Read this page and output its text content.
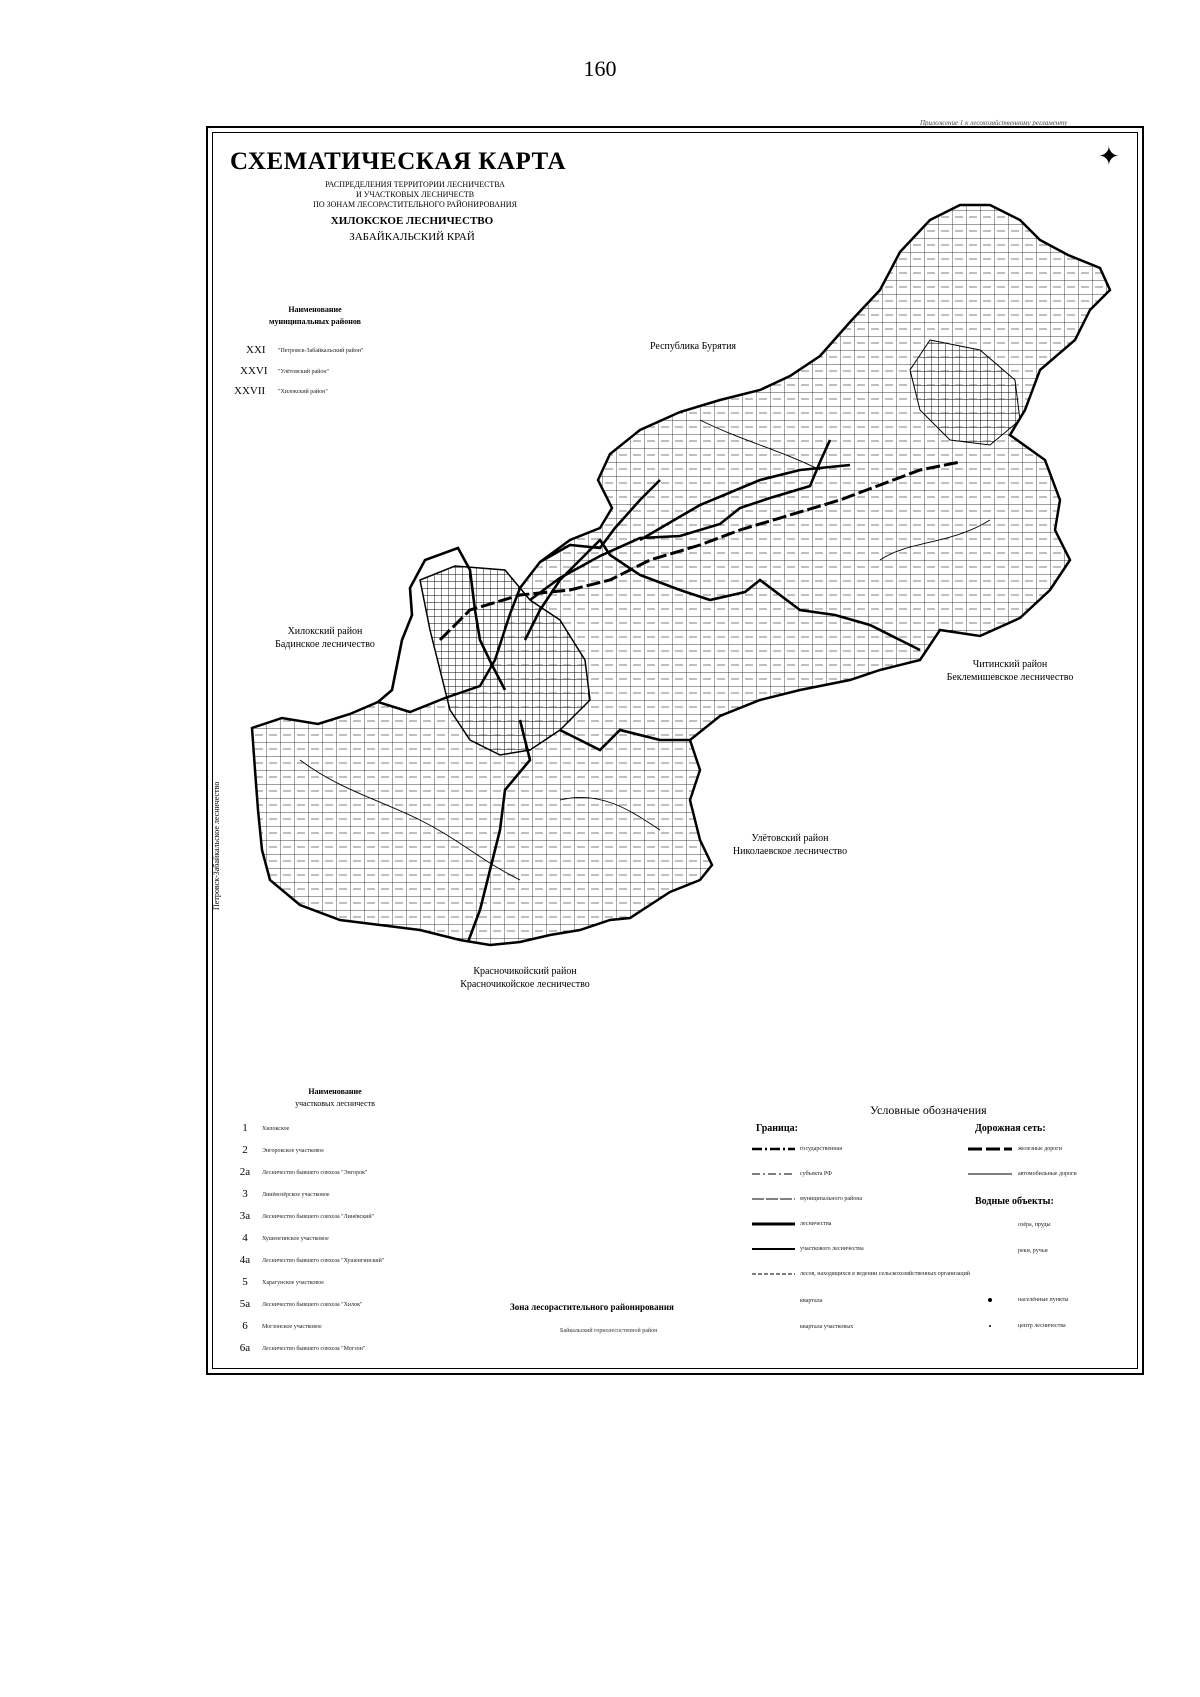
160
Приложение 1 к лесохозяйственному регламенту
СХЕМАТИЧЕСКАЯ КАРТА
РАСПРЕДЕЛЕНИЯ ТЕРРИТОРИИ ЛЕСНИЧЕСТВА
И УЧАСТКОВЫХ ЛЕСНИЧЕСТВ
ПО ЗОНАМ ЛЕСОРАСТИТЕЛЬНОГО РАЙОНИРОВАНИЯ
ХИЛОКСКОЕ ЛЕСНИЧЕСТВО
ЗАБАЙКАЛЬСКИЙ КРАЙ
✦
Наименование
муниципальных районов
XXI "Петровск-Забайкальский район"
XXVI "Улётовский район"
XXVII "Хилокский район"
Республика Бурятия
Хилокский район
Бадинское лесничество
Читинский район
Беклемишевское лесничество
Улётовский район
Николаевское лесничество
Красночикойский район
Красночикойское лесничество
Петровск-Забайкальское лесничество
Наименование
участковых лесничеств
1	Хилокское
2	Энгорокское участковое
2а	Лесничество бывшего совхоза "Энгорок"
3	Линёвозёрское участковое
3а	Лесничество бывшего совхоза "Линёвский"
4	Хушенгинское участковое
4а	Лесничество бывшего совхоза "Хушенгинский"
5	Харагунское участковое
5а	Лесничество бывшего совхоза "Хилок"
6	Могзонское участковое
6а	Лесничество бывшего совхоза "Могзон"
Условные обозначения
Граница:	Дорожная сеть:
государственная
субъекта РФ
муниципального района
лесничества
участкового лесничества
лесов, находящихся в ведении сельскохозяйственных организаций
квартала
квартала участковых
железные дороги
автомобильные дороги
Водные объекты:
озёра, пруды
реки, ручьи
населённые пункты
центр лесничества
Зона лесорастительного районирования
Байкальский горнолесостепной район
